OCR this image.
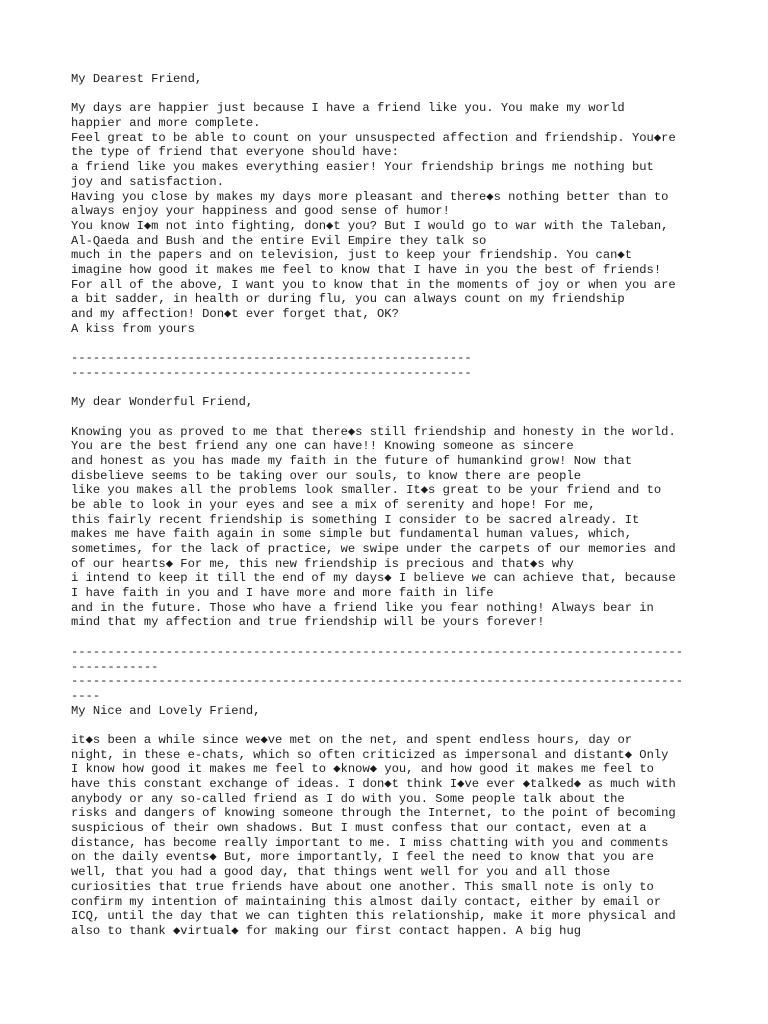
My Dearest Friend,
My days are happier just because I have a friend like you. You make my world
happier and more complete.
Feel great to be able to count on your unsuspected affection and friendship. You◆re
the type of friend that everyone should have:
a friend like you makes everything easier! Your friendship brings me nothing but
joy and satisfaction.
Having you close by makes my days more pleasant and there◆s nothing better than to
always enjoy your happiness and good sense of humor!
You know I◆m not into fighting, don◆t you? But I would go to war with the Taleban,
Al-Qaeda and Bush and the entire Evil Empire they talk so
much in the papers and on television, just to keep your friendship. You can◆t
imagine how good it makes me feel to know that I have in you the best of friends!
For all of the above, I want you to know that in the moments of joy or when you are
a bit sadder, in health or during flu, you can always count on my friendship
and my affection! Don◆t ever forget that, OK?
A kiss from yours
-------------------------------------------------------
-------------------------------------------------------
My dear Wonderful Friend,
Knowing you as proved to me that there◆s still friendship and honesty in the world.
You are the best friend any one can have!! Knowing someone as sincere
and honest as you has made my faith in the future of humankind grow! Now that
disbelieve seems to be taking over our souls, to know there are people
like you makes all the problems look smaller. It◆s great to be your friend and to
be able to look in your eyes and see a mix of serenity and hope! For me,
this fairly recent friendship is something I consider to be sacred already. It
makes me have faith again in some simple but fundamental human values, which,
sometimes, for the lack of practice, we swipe under the carpets of our memories and
of our hearts◆ For me, this new friendship is precious and that◆s why
i intend to keep it till the end of my days◆ I believe we can achieve that, because
I have faith in you and I have more and more faith in life
and in the future. Those who have a friend like you fear nothing! Always bear in
mind that my affection and true friendship will be yours forever!
------------------------------------------------------------------------------------
------------
------------------------------------------------------------------------------------
----
My Nice and Lovely Friend,
it◆s been a while since we◆ve met on the net, and spent endless hours, day or
night, in these e-chats, which so often criticized as impersonal and distant◆ Only
I know how good it makes me feel to ◆know◆ you, and how good it makes me feel to
have this constant exchange of ideas. I don◆t think I◆ve ever ◆talked◆ as much with
anybody or any so-called friend as I do with you. Some people talk about the
risks and dangers of knowing someone through the Internet, to the point of becoming
suspicious of their own shadows. But I must confess that our contact, even at a
distance, has become really important to me. I miss chatting with you and comments
on the daily events◆ But, more importantly, I feel the need to know that you are
well, that you had a good day, that things went well for you and all those
curiosities that true friends have about one another. This small note is only to
confirm my intention of maintaining this almost daily contact, either by email or
ICQ, until the day that we can tighten this relationship, make it more physical and
also to thank ◆virtual◆ for making our first contact happen. A big hug
